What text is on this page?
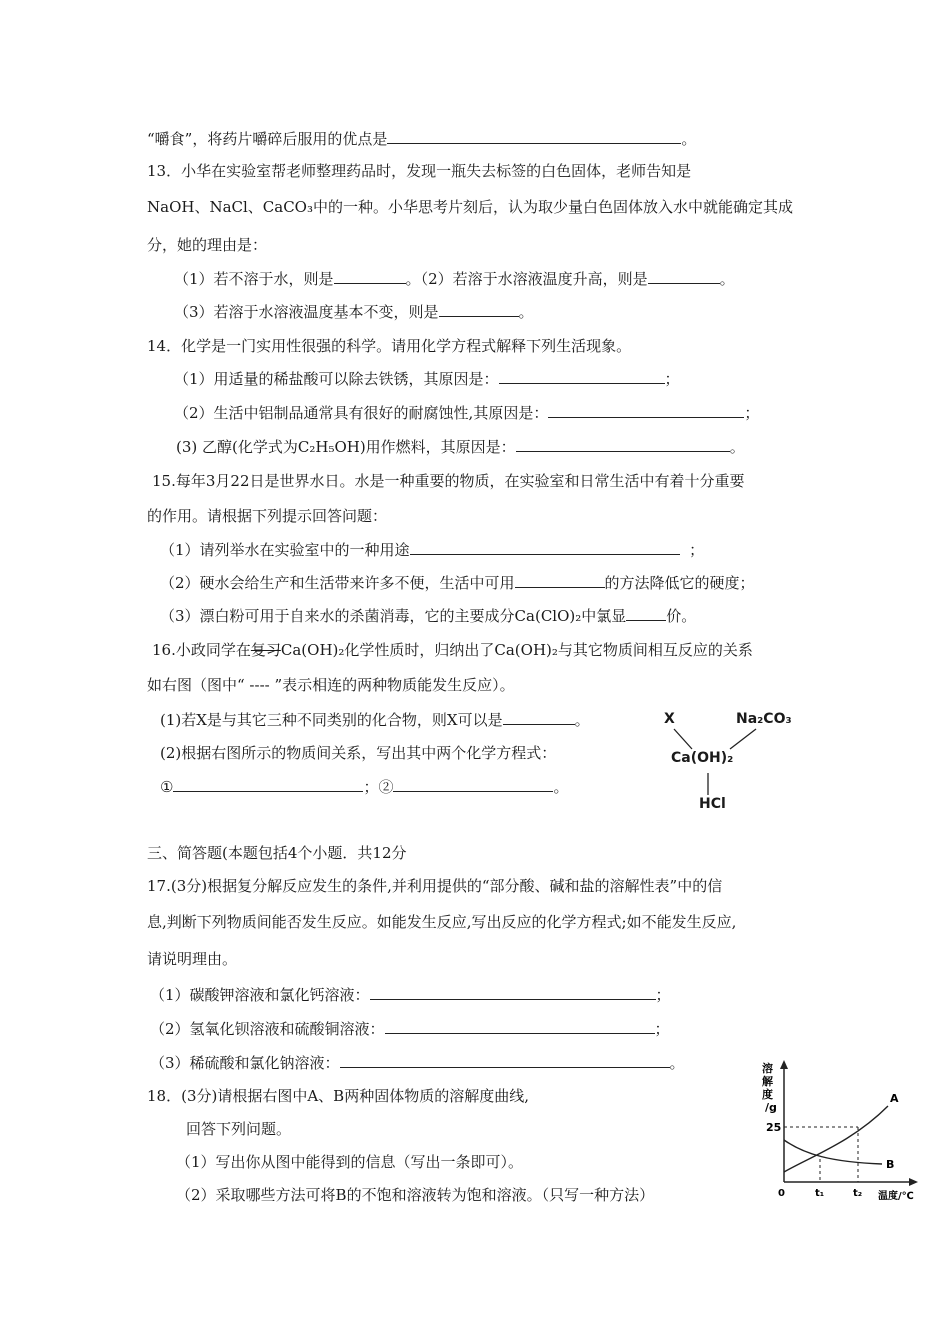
“嚼食”，将药片嚼碎后服用的优点是	。
13．小华在实验室帮老师整理药品时，发现一瓶失去标签的白色固体，老师告知是
NaOH、NaCl、CaCO₃中的一种。小华思考片刻后，认为取少量白色固体放入水中就能确定其成
分，她的理由是：
（1）若不溶于水，则是	。（2）若溶于水溶液温度升高，则是	。
（3）若溶于水溶液温度基本不变，则是	。
14．化学是一门实用性很强的科学。请用化学方程式解释下列生活现象。
（1）用适量的稀盐酸可以除去铁锈，其原因是：	；
（2）生活中铝制品通常具有很好的耐腐蚀性,其原因是：	；
(3) 乙醇(化学式为C₂H₅OH)用作燃料，其原因是：	。
15.每年3月22日是世界水日。水是一种重要的物质，在实验室和日常生活中有着十分重要
的作用。请根据下列提示回答问题：
（1）请列举水在实验室中的一种用途	；
（2）硬水会给生产和生活带来许多不便，生活中可用	的方法降低它的硬度；
（3）漂白粉可用于自来水的杀菌消毒，它的主要成分Ca(ClO)₂中氯显	价。
16.小政同学在复习Ca(OH)₂化学性质时，归纳出了Ca(OH)₂与其它物质间相互反应的关系
如右图（图中“ ---- ”表示相连的两种物质能发生反应）。
(1)若X是与其它三种不同类别的化合物，则X可以是	。
(2)根据右图所示的物质间关系，写出其中两个化学方程式：
①	；②	。
X	Na₂CO₃
Ca(OH)₂
HCl
三、简答题(本题包括4个小题．共12分
17.(3分)根据复分解反应发生的条件,并利用提供的“部分酸、碱和盐的溶解性表”中的信
息,判断下列物质间能否发生反应。如能发生反应,写出反应的化学方程式;如不能发生反应,
请说明理由。
（1）碳酸钾溶液和氯化钙溶液：	；
（2）氢氧化钡溶液和硫酸铜溶液：	；
（3）稀硫酸和氯化钠溶液：	。
18．(3分)请根据右图中A、B两种固体物质的溶解度曲线,
回答下列问题。
（1）写出你从图中能得到的信息（写出一条即可）。
（2）采取哪些方法可将B的不饱和溶液转为饱和溶液。（只写一种方法）
溶
解
度
/g
A
B
25
0	t₁	t₂ 温度/℃
